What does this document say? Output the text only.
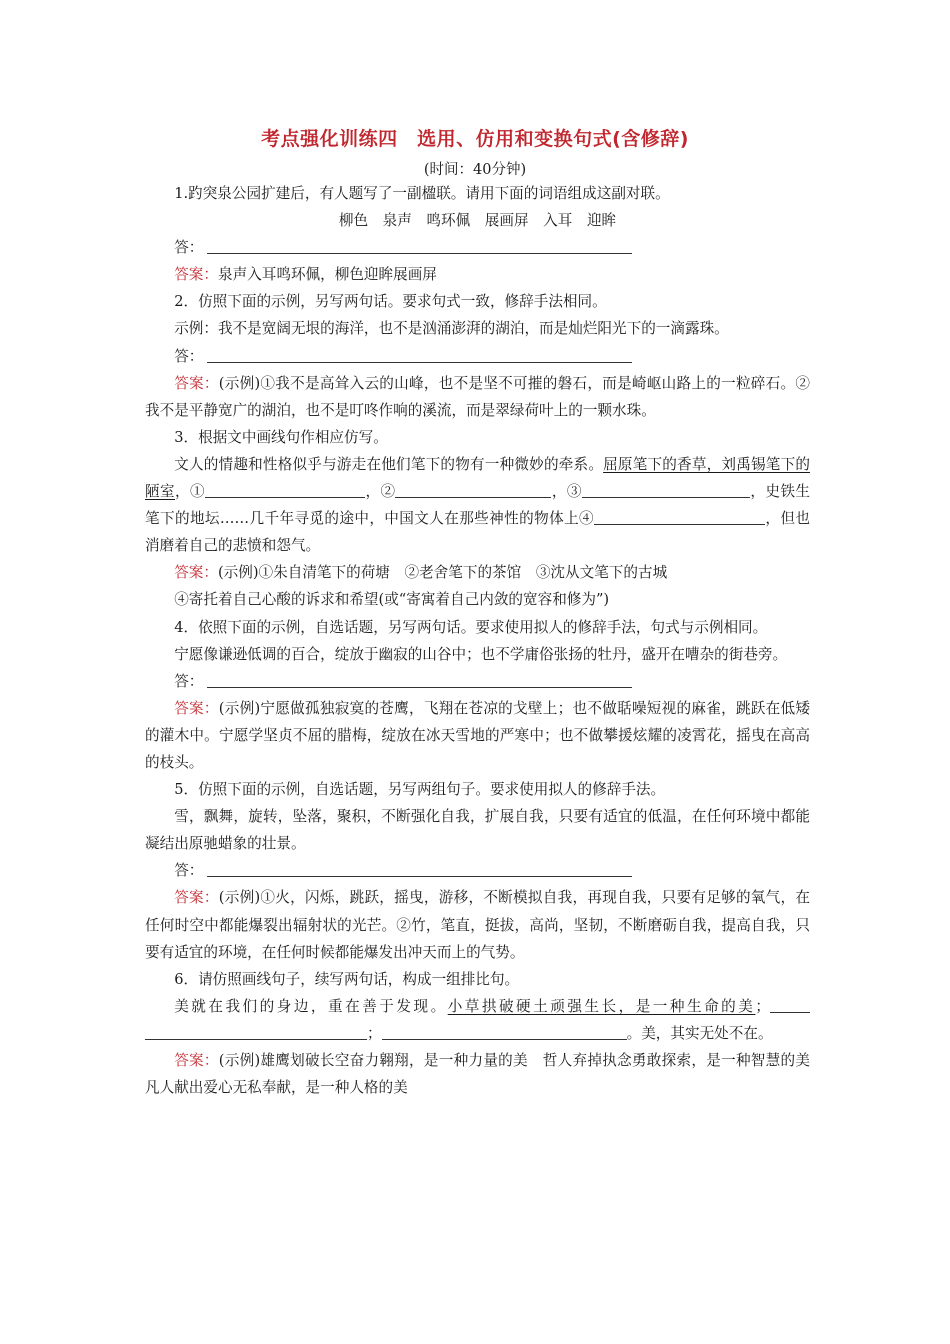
考点强化训练四　选用、仿用和变换句式(含修辞)
(时间：40分钟)

1.趵突泉公园扩建后，有人题写了一副楹联。请用下面的词语组成这副对联。

柳色　泉声　鸣环佩　展画屏　入耳　迎眸

答：

答案：泉声入耳鸣环佩，柳色迎眸展画屏

2．仿照下面的示例，另写两句话。要求句式一致，修辞手法相同。

示例：我不是宽阔无垠的海洋，也不是汹涌澎湃的湖泊，而是灿烂阳光下的一滴露珠。

答：

答案：(示例)①我不是高耸入云的山峰，也不是坚不可摧的磐石，而是崎岖山路上的一粒碎石。②我不是平静宽广的湖泊，也不是叮咚作响的溪流，而是翠绿荷叶上的一颗水珠。

3．根据文中画线句作相应仿写。

文人的情趣和性格似乎与游走在他们笔下的物有一种微妙的牵系。屈原笔下的香草，刘禹锡笔下的陋室，①	，②	，③	，史铁生笔下的地坛……几千年寻觅的途中，中国文人在那些神性的物体上④	，但也消磨着自己的悲愤和怨气。

答案：(示例)①朱自清笔下的荷塘　②老舍笔下的茶馆　③沈从文笔下的古城

④寄托着自己心酸的诉求和希望(或“寄寓着自己内敛的宽容和修为”)

4．依照下面的示例，自选话题，另写两句话。要求使用拟人的修辞手法，句式与示例相同。

宁愿像谦逊低调的百合，绽放于幽寂的山谷中；也不学庸俗张扬的牡丹，盛开在嘈杂的街巷旁。

答：

答案：(示例)宁愿做孤独寂寞的苍鹰，飞翔在苍凉的戈壁上；也不做聒噪短视的麻雀，跳跃在低矮的灌木中。宁愿学坚贞不屈的腊梅，绽放在冰天雪地的严寒中；也不做攀援炫耀的凌霄花，摇曳在高高的枝头。

5．仿照下面的示例，自选话题，另写两组句子。要求使用拟人的修辞手法。

雪，飘舞，旋转，坠落，聚积，不断强化自我，扩展自我，只要有适宜的低温，在任何环境中都能凝结出原驰蜡象的壮景。

答：

答案：(示例)①火，闪烁，跳跃，摇曳，游移，不断模拟自我，再现自我，只要有足够的氧气，在任何时空中都能爆裂出辐射状的光芒。②竹，笔直，挺拔，高尚，坚韧，不断磨砺自我，提高自我，只要有适宜的环境，在任何时候都能爆发出冲天而上的气势。

6．请仿照画线句子，续写两句话，构成一组排比句。

美就在我们的身边，重在善于发现。小草拱破硬土顽强生长，是一种生命的美；；	。美，其实无处不在。

答案：(示例)雄鹰划破长空奋力翱翔，是一种力量的美　哲人弃掉执念勇敢探索，是一种智慧的美　凡人献出爱心无私奉献，是一种人格的美
